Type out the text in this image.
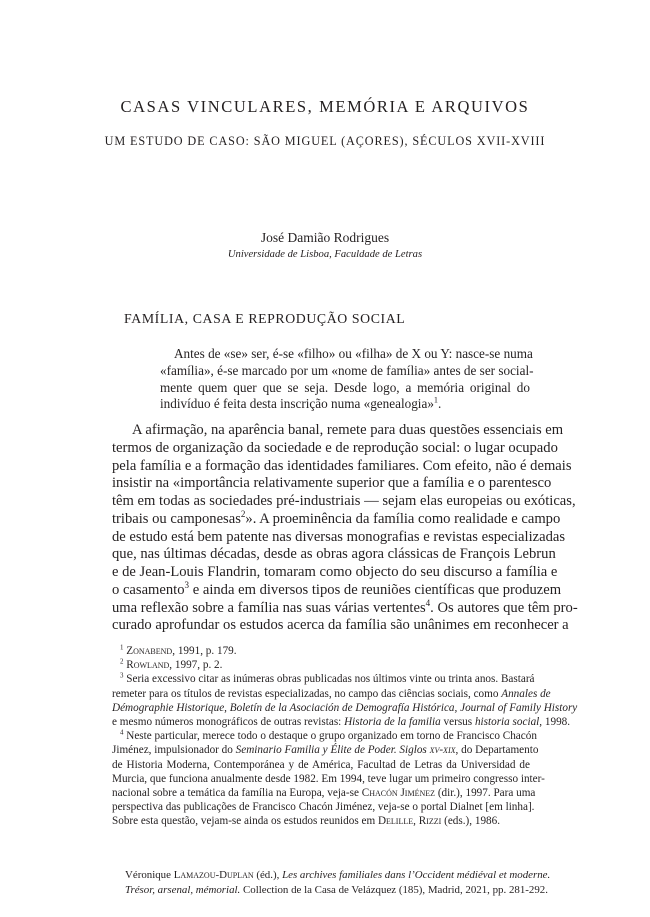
CASAS VINCULARES, MEMÓRIA E ARQUIVOS
UM ESTUDO DE CASO: SÃO MIGUEL (AÇORES), SÉCULOS XVII-XVIII
José Damião Rodrigues
Universidade de Lisboa, Faculdade de Letras
FAMÍLIA, CASA E REPRODUÇÃO SOCIAL
Antes de «se» ser, é-se «filho» ou «filha» de X ou Y: nasce-se numa
«família», é-se marcado por um «nome de família» antes de ser social-
mente quem quer que se seja. Desde logo, a memória original do
indivíduo é feita desta inscrição numa «genealogia»$^1$.
A afirmação, na aparência banal, remete para duas questões essenciais em
termos de organização da sociedade e de reprodução social: o lugar ocupado
pela família e a formação das identidades familiares. Com efeito, não é demais
insistir na «importância relativamente superior que a família e o parentesco
têm em todas as sociedades pré-industriais — sejam elas europeias ou exóticas,
tribais ou camponesas$^2$». A proeminência da família como realidade e campo
de estudo está bem patente nas diversas monografias e revistas especializadas
que, nas últimas décadas, desde as obras agora clássicas de François Lebrun
e de Jean-Louis Flandrin, tomaram como objecto do seu discurso a família e
o casamento$^3$ e ainda em diversos tipos de reuniões científicas que produzem
uma reflexão sobre a família nas suas várias vertentes$^4$. Os autores que têm pro-
curado aprofundar os estudos acerca da família são unânimes em reconhecer a
$^1$ Zonabend, 1991, p. 179.
$^2$ Rowland, 1997, p. 2.
$^3$ Seria excessivo citar as inúmeras obras publicadas nos últimos vinte ou trinta anos. Bastará
remeter para os títulos de revistas especializadas, no campo das ciências sociais, como Annales de
Démographie Historique, Boletín de la Asociación de Demografía Histórica, Journal of Family History
e mesmo números monográficos de outras revistas: Historia de la familia versus historia social, 1998.
$^4$ Neste particular, merece todo o destaque o grupo organizado em torno de Francisco Chacón
Jiménez, impulsionador do Seminario Familia y Élite de Poder. Siglos xv-xix, do Departamento
de Historia Moderna, Contemporánea y de América, Facultad de Letras da Universidad de
Murcia, que funciona anualmente desde 1982. Em 1994, teve lugar um primeiro congresso inter-
nacional sobre a temática da família na Europa, veja-se Chacón Jiménez (dir.), 1997. Para uma
perspectiva das publicações de Francisco Chacón Jiménez, veja-se o portal Dialnet [em linha].
Sobre esta questão, vejam-se ainda os estudos reunidos em Delille, Rizzi (eds.), 1986.
Véronique Lamazou-Duplan (éd.), Les archives familiales dans l’Occident médiéval et moderne.
Trésor, arsenal, mémorial. Collection de la Casa de Velázquez (185), Madrid, 2021, pp. 281-292.
